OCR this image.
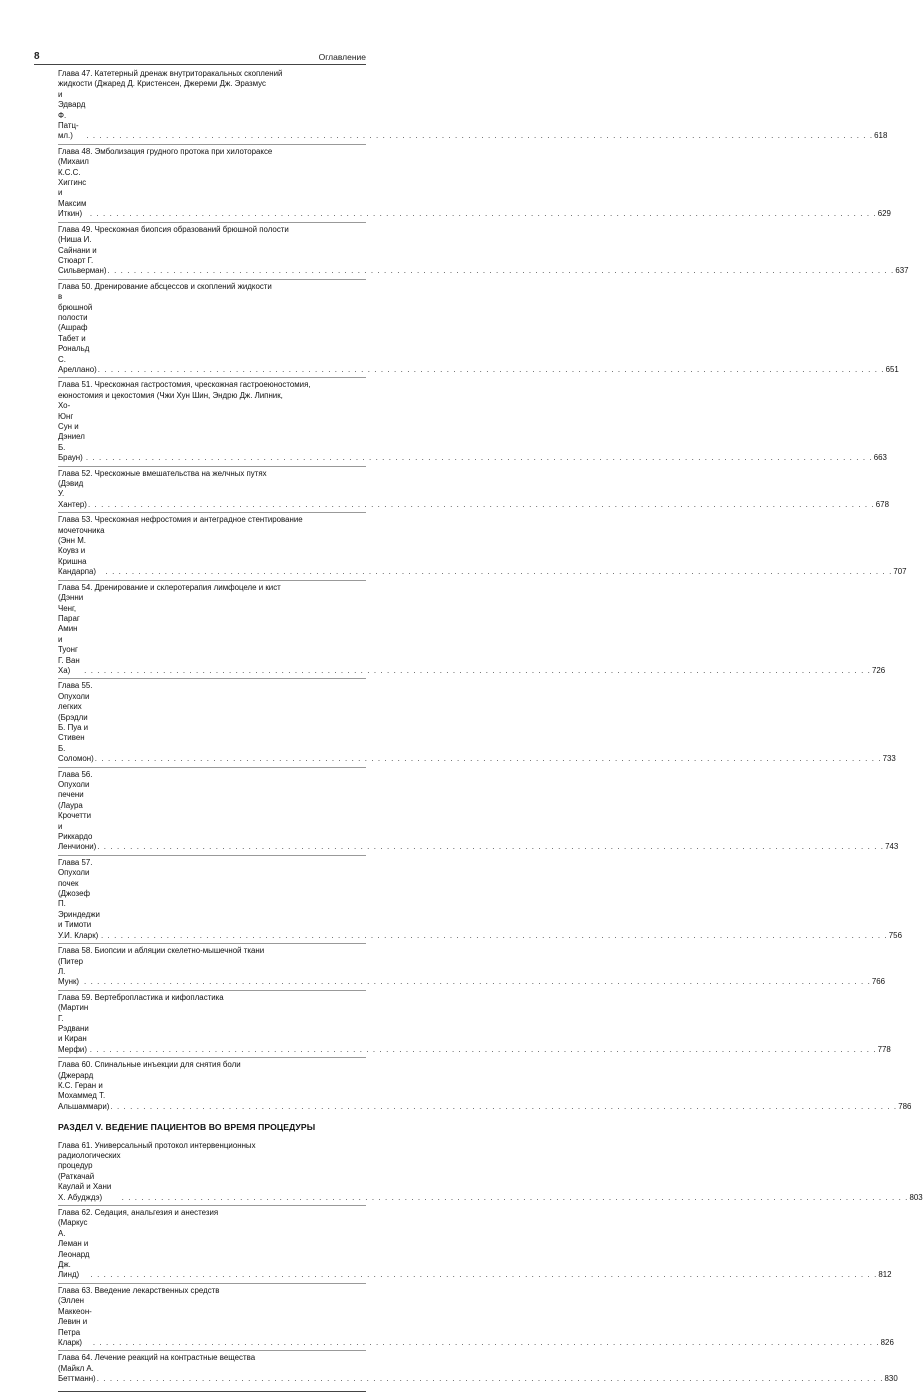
8	Оглавление
Глава 47. Катетерный дренаж внутриторакальных скоплений
жидкости (Джаред Д. Кристенсен, Джереми Дж. Эразмус
и Эдвард Ф. Патц-мл.)	. . . . . . . . . . . . . . . . . . . . . . . . . . . . . . . . . . . . . . . . . . . . . . . . . . . . . . . . . . . . . . . . . . . . . . . . . . . . . . . . . . . . . . . . . . . . . . . . . . . . . . . . . . . . . . . . . . . . . . . . 618
Глава 48. Эмболизация грудного протока при хилотораксе
(Михаил К.С.С. Хиггинс и Максим Иткин) . . . . . . . . . . . . . . . . . . . . . . . . . . . . . . . . . . . . . . . . . . . . . . . . . . . . . . . . . . . . . . . . . . . . . . . . . . . . . . . . . . . . . . . . . . . . . . . . . . . . . . . . . . . . . . . . . . . . . . . . 629
Глава 49. Чрескожная биопсия образований брюшной полости
(Ниша И. Сайнани и Стюарт Г. Сильверман) . . . . . . . . . . . . . . . . . . . . . . . . . . . . . . . . . . . . . . . . . . . . . . . . . . . . . . . . . . . . . . . . . . . . . . . . . . . . . . . . . . . . . . . . . . . . . . . . . . . . . . . . . . . . . . . . . . . . . . . . 637
Глава 50. Дренирование абсцессов и скоплений жидкости
в брюшной полости (Ашраф Табет и Рональд С. Ареллано) . . . . . . . . . . . . . . . . . . . . . . . . . . . . . . . . . . . . . . . . . . . . . . . . . . . . . . . . . . . . . . . . . . . . . . . . . . . . . . . . . . . . . . . . . . . . . . . . . . . . . . . . . . . . . . . . . . . . . . . . 651
Глава 51. Чрескожная гастростомия, чрескожная гастроеюностомия,
еюностомия и цекостомия (Чжи Хун Шин, Эндрю Дж. Липник,
Хо-Юнг Сун и Дэниел Б. Браун) . . . . . . . . . . . . . . . . . . . . . . . . . . . . . . . . . . . . . . . . . . . . . . . . . . . . . . . . . . . . . . . . . . . . . . . . . . . . . . . . . . . . . . . . . . . . . . . . . . . . . . . . . . . . . . . . . . . . . . . . 663
Глава 52. Чрескожные вмешательства на желчных путях
(Дэвид У. Хантер) . . . . . . . . . . . . . . . . . . . . . . . . . . . . . . . . . . . . . . . . . . . . . . . . . . . . . . . . . . . . . . . . . . . . . . . . . . . . . . . . . . . . . . . . . . . . . . . . . . . . . . . . . . . . . . . . . . . . . . . . 678
Глава 53. Чрескожная нефростомия и антеградное стентирование
мочеточника (Энн М. Коувз и Кришна Кандарпа)	. . . . . . . . . . . . . . . . . . . . . . . . . . . . . . . . . . . . . . . . . . . . . . . . . . . . . . . . . . . . . . . . . . . . . . . . . . . . . . . . . . . . . . . . . . . . . . . . . . . . . . . . . . . . . . . . . . . . . . . . 707
Глава 54. Дренирование и склеротерапия лимфоцеле и кист
(Дэнни Ченг, Параг Амин и Туонг Г. Ван Ха)	. . . . . . . . . . . . . . . . . . . . . . . . . . . . . . . . . . . . . . . . . . . . . . . . . . . . . . . . . . . . . . . . . . . . . . . . . . . . . . . . . . . . . . . . . . . . . . . . . . . . . . . . . . . . . . . . . . . . . . . . 726
Глава 55. Опухоли легких (Брэдли Б. Пуа и Стивен Б. Соломон) . . . . . . . . . . . . . . . . . . . . . . . . . . . . . . . . . . . . . . . . . . . . . . . . . . . . . . . . . . . . . . . . . . . . . . . . . . . . . . . . . . . . . . . . . . . . . . . . . . . . . . . . . . . . . . . . . . . . . . . . 733
Глава 56. Опухоли печени (Лаура Крочетти и Риккардо Ленчиони) . . . . . . . . . . . . . . . . . . . . . . . . . . . . . . . . . . . . . . . . . . . . . . . . . . . . . . . . . . . . . . . . . . . . . . . . . . . . . . . . . . . . . . . . . . . . . . . . . . . . . . . . . . . . . . . . . . . . . . . . 743
Глава 57. Опухоли почек (Джозеф П. Эриндеджи и Тимоти У.И. Кларк) . . . . . . . . . . . . . . . . . . . . . . . . . . . . . . . . . . . . . . . . . . . . . . . . . . . . . . . . . . . . . . . . . . . . . . . . . . . . . . . . . . . . . . . . . . . . . . . . . . . . . . . . . . . . . . . . . . . . . . . . 756
Глава 58. Биопсии и абляции скелетно-мышечной ткани
(Питер Л. Мунк) . . . . . . . . . . . . . . . . . . . . . . . . . . . . . . . . . . . . . . . . . . . . . . . . . . . . . . . . . . . . . . . . . . . . . . . . . . . . . . . . . . . . . . . . . . . . . . . . . . . . . . . . . . . . . . . . . . . . . . . . 766
Глава 59. Вертебропластика и кифопластика
(Мартин Г. Рэдвани и Киран Мерфи) . . . . . . . . . . . . . . . . . . . . . . . . . . . . . . . . . . . . . . . . . . . . . . . . . . . . . . . . . . . . . . . . . . . . . . . . . . . . . . . . . . . . . . . . . . . . . . . . . . . . . . . . . . . . . . . . . . . . . . . . 778
Глава 60. Спинальные инъекции для снятия боли
(Джерард К.С. Геран и Мохаммед Т. Альшаммари) . . . . . . . . . . . . . . . . . . . . . . . . . . . . . . . . . . . . . . . . . . . . . . . . . . . . . . . . . . . . . . . . . . . . . . . . . . . . . . . . . . . . . . . . . . . . . . . . . . . . . . . . . . . . . . . . . . . . . . . . 786
РАЗДЕЛ V. ВЕДЕНИЕ ПАЦИЕНТОВ ВО ВРЕМЯ ПРОЦЕДУРЫ
Глава 61. Универсальный протокол интервенционных
радиологических процедур (Раткачай Каулай и Хани Х. Абудждэ)	. . . . . . . . . . . . . . . . . . . . . . . . . . . . . . . . . . . . . . . . . . . . . . . . . . . . . . . . . . . . . . . . . . . . . . . . . . . . . . . . . . . . . . . . . . . . . . . . . . . . . . . . . . . . . . . . . . . . . . . . 803
Глава 62. Седация, анальгезия и анестезия
(Маркус А. Леман и Леонард Дж. Линд)	. . . . . . . . . . . . . . . . . . . . . . . . . . . . . . . . . . . . . . . . . . . . . . . . . . . . . . . . . . . . . . . . . . . . . . . . . . . . . . . . . . . . . . . . . . . . . . . . . . . . . . . . . . . . . . . . . . . . . . . . 812
Глава 63. Введение лекарственных средств
(Эллен Маккеон-Левин и Петра Кларк)	. . . . . . . . . . . . . . . . . . . . . . . . . . . . . . . . . . . . . . . . . . . . . . . . . . . . . . . . . . . . . . . . . . . . . . . . . . . . . . . . . . . . . . . . . . . . . . . . . . . . . . . . . . . . . . . . . . . . . . . . 826
Глава 64. Лечение реакций на контрастные вещества
(Майкл А. Беттманн) . . . . . . . . . . . . . . . . . . . . . . . . . . . . . . . . . . . . . . . . . . . . . . . . . . . . . . . . . . . . . . . . . . . . . . . . . . . . . . . . . . . . . . . . . . . . . . . . . . . . . . . . . . . . . . . . . . . . . . . . 830
